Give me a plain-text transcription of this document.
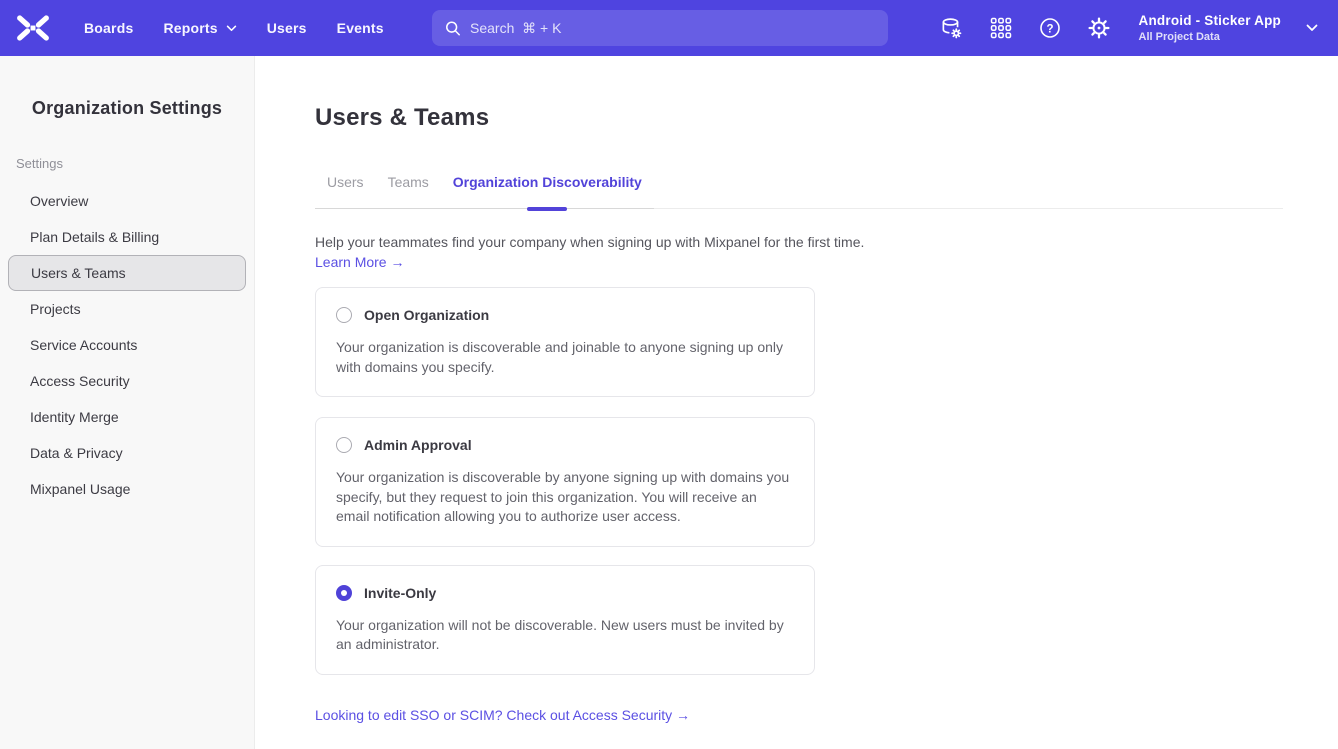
Boards Reports	Users Events
Search ⌘ + K	?
Android - Sticker App
All Project Data
Organization Settings
Settings
Overview
Plan Details & Billing
Users & Teams
Projects
Service Accounts
Access Security
Identity Merge
Data & Privacy
Mixpanel Usage
Users & Teams
Users	Teams	Organization Discoverability

Help your teammates find your company when signing up with Mixpanel for the first time.

Learn More →
Open Organization

Your organization is discoverable and joinable to anyone signing up only with domains you specify.

Admin Approval

Your organization is discoverable by anyone signing up with domains you specify, but they request to join this organization. You will receive an email notification allowing you to authorize user access.

Invite-Only

Your organization will not be discoverable. New users must be invited by an administrator.

Looking to edit SSO or SCIM? Check out Access Security →
